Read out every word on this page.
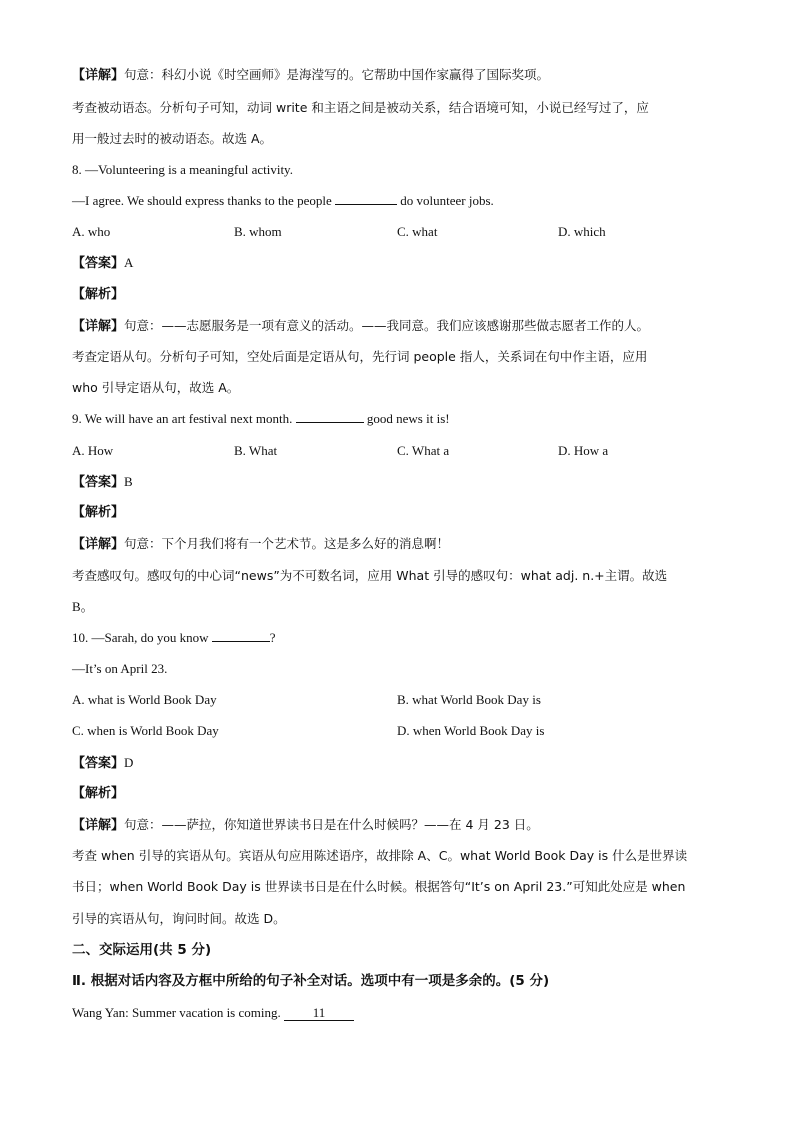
【详解】句意：科幻小说《时空画师》是海滢写的。它帮助中国作家赢得了国际奖项。
考查被动语态。分析句子可知，动词 write 和主语之间是被动关系，结合语境可知，小说已经写过了，应
用一般过去时的被动语态。故选 A。
8. —Volunteering is a meaningful activity.
—I agree. We should express thanks to the people	do volunteer jobs.
A. who	B. whom	C. what	D. which
【答案】A
【解析】
【详解】句意：——志愿服务是一项有意义的活动。——我同意。我们应该感谢那些做志愿者工作的人。
考查定语从句。分析句子可知，空处后面是定语从句，先行词 people 指人，关系词在句中作主语，应用
who 引导定语从句，故选 A。
9. We will have an art festival next month.	good news it is!
A. How	B. What	C. What a	D. How a
【答案】B
【解析】
【详解】句意：下个月我们将有一个艺术节。这是多么好的消息啊！
考查感叹句。感叹句的中心词“news”为不可数名词，应用 What 引导的感叹句：what adj. n.+主谓。故选
B。
10. —Sarah, do you know	?
—It’s on April 23.
A. what is World Book Day	B. what World Book Day is
C. when is World Book Day	D. when World Book Day is
【答案】D
【解析】
【详解】句意：——萨拉，你知道世界读书日是在什么时候吗？——在 4 月 23 日。
考查 when 引导的宾语从句。宾语从句应用陈述语序，故排除 A、C。what World Book Day is 什么是世界读
书日；when World Book Day is 世界读书日是在什么时候。根据答句“It’s on April 23.”可知此处应是 when
引导的宾语从句，询问时间。故选 D。
二、交际运用(共 5 分)
Ⅱ. 根据对话内容及方框中所给的句子补全对话。选项中有一项是多余的。(5 分)
Wang Yan: Summer vacation is coming. 11
